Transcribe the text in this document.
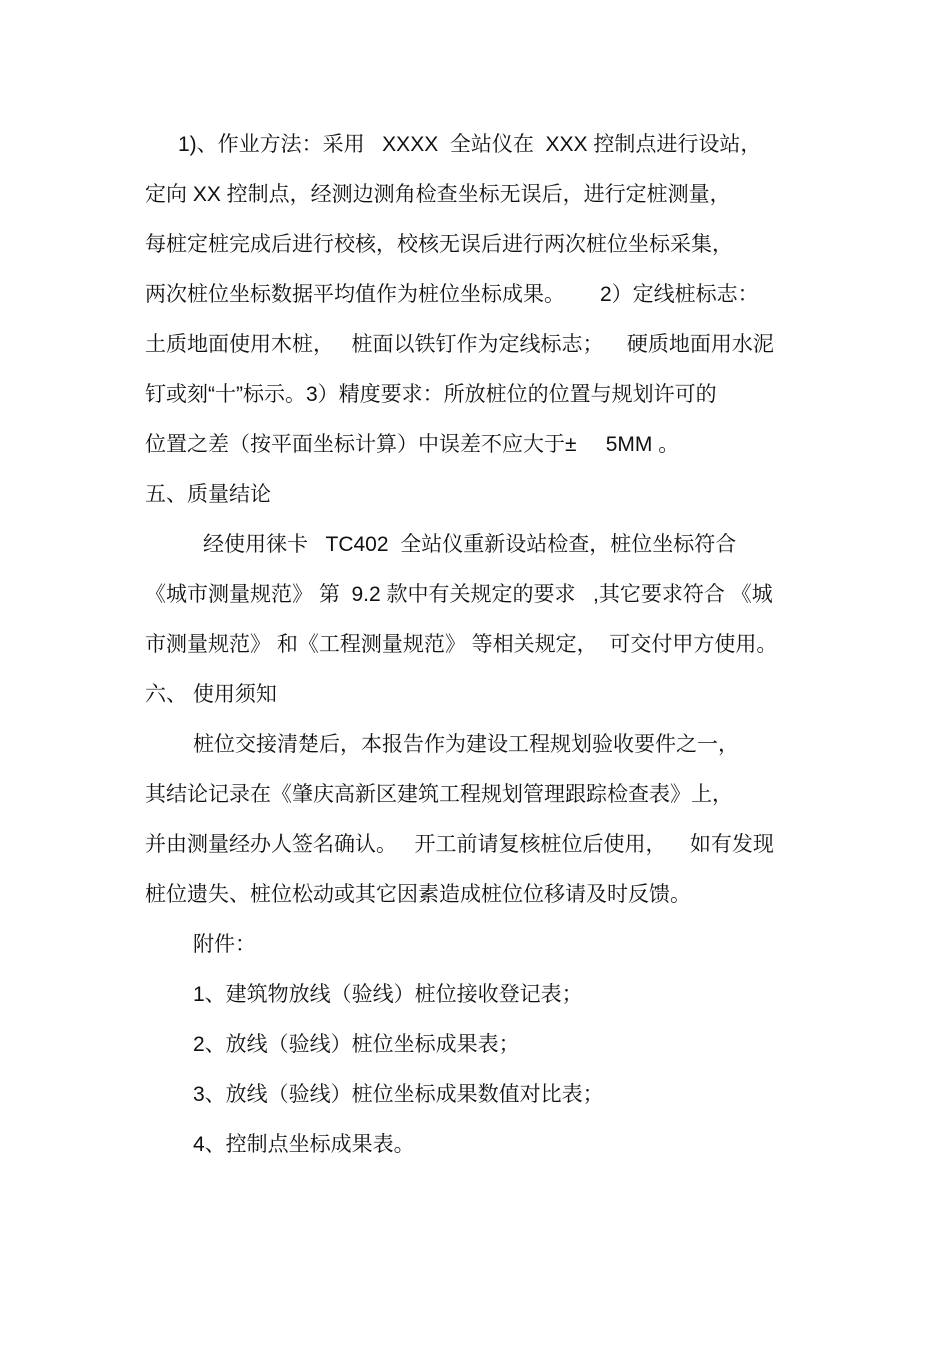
1)、作业方法：采用   XXXX  全站仪在  XXX 控制点进行设站，
定向 XX 控制点，经测边测角检查坐标无误后，进行定桩测量，
每桩定桩完成后进行校核，校核无误后进行两次桩位坐标采集，
两次桩位坐标数据平均值作为桩位坐标成果。      2）定线桩标志：
土质地面使用木桩，   桩面以铁钉作为定线标志；    硬质地面用水泥
钉或刻“十”标示。3）精度要求：所放桩位的位置与规划许可的
位置之差（按平面坐标计算）中误差不应大于±     5MM 。
五、质量结论
经使用徕卡   TC402  全站仪重新设站检查，桩位坐标符合
《城市测量规范》 第  9.2 款中有关规定的要求   ,其它要求符合 《城
市测量规范》 和《工程测量规范》 等相关规定，  可交付甲方使用。
六、 使用须知
桩位交接清楚后，本报告作为建设工程规划验收要件之一，
其结论记录在《肇庆高新区建筑工程规划管理跟踪检查表》上，
并由测量经办人签名确认。   开工前请复核桩位后使用，    如有发现
桩位遗失、桩位松动或其它因素造成桩位位移请及时反馈。
附件：
1、建筑物放线（验线）桩位接收登记表；
2、放线（验线）桩位坐标成果表；
3、放线（验线）桩位坐标成果数值对比表；
4、控制点坐标成果表。
